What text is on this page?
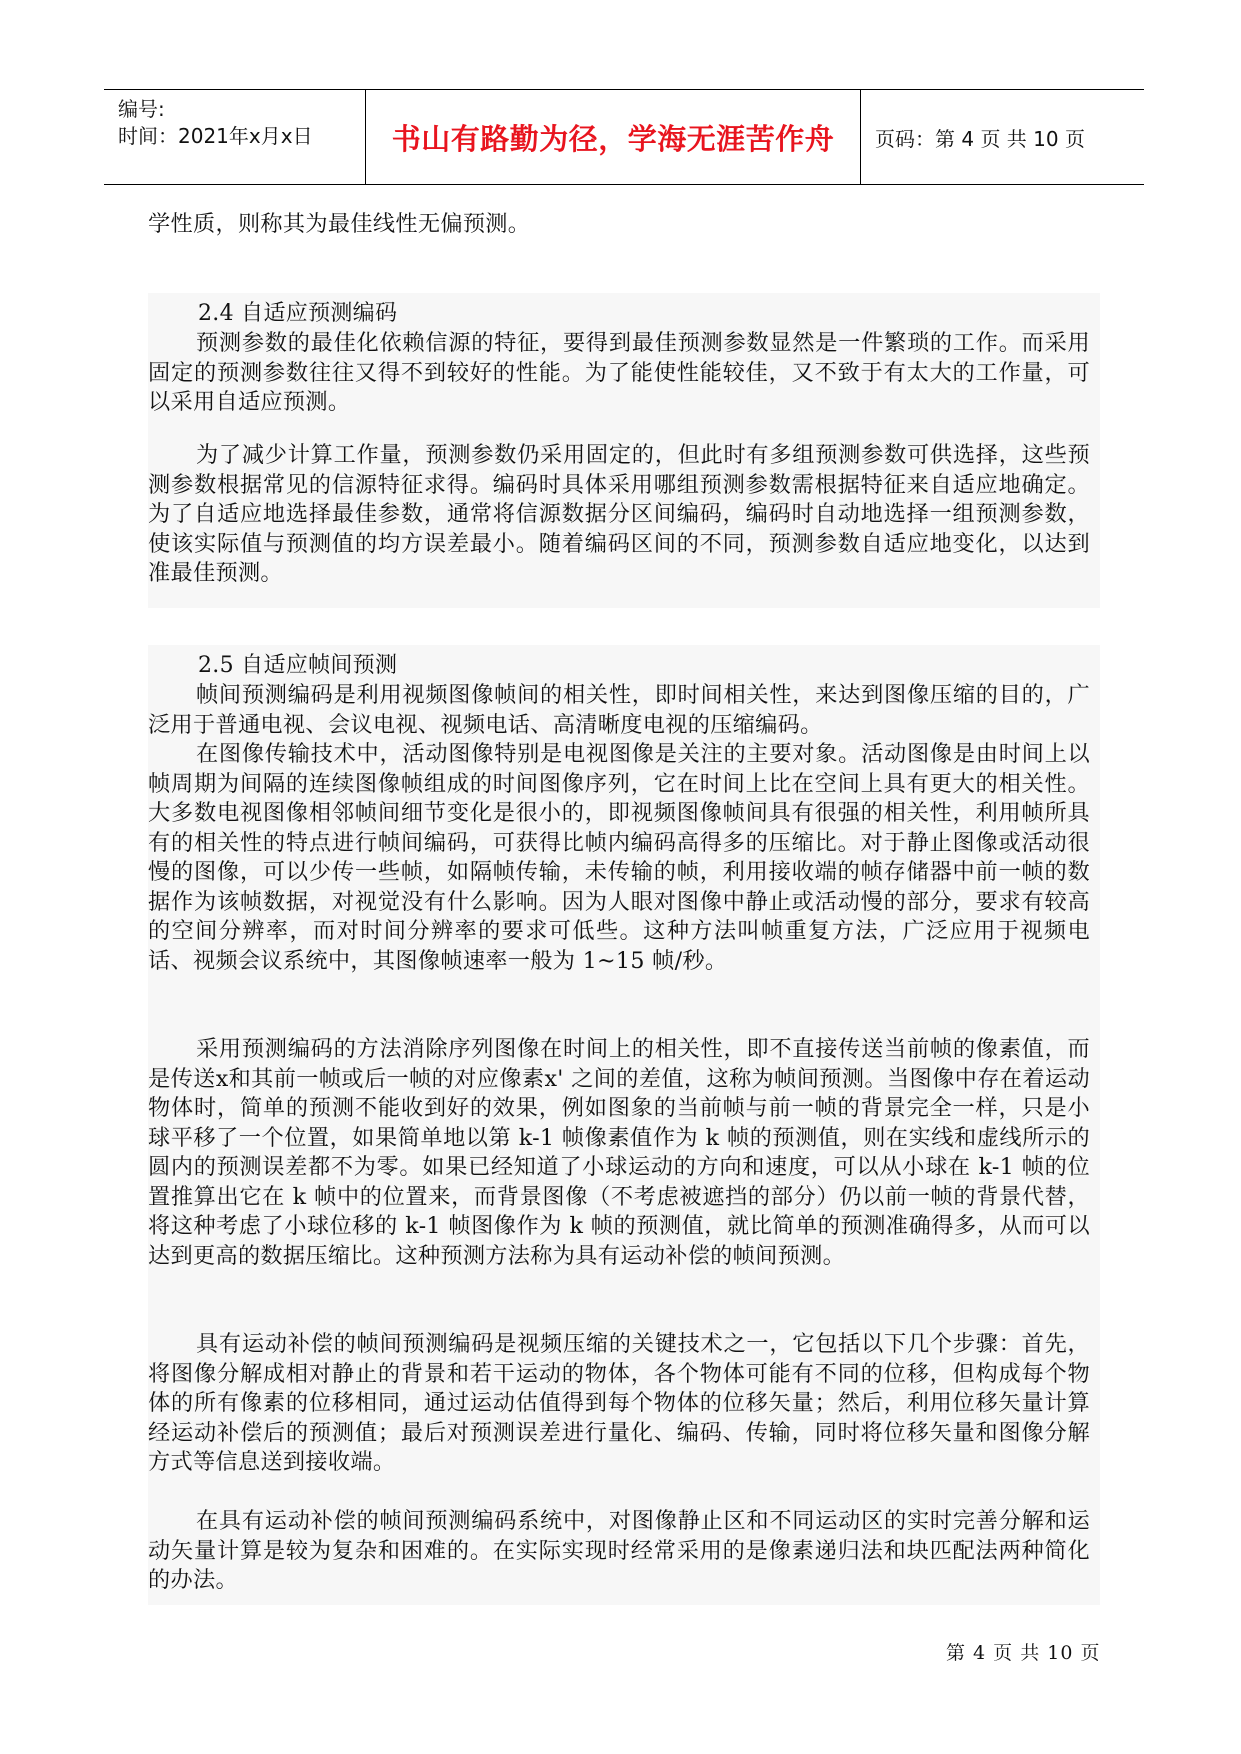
编号:
时间：2021年x月x日	书山有路勤为径，学海无涯苦作舟	页码：第 4 页 共 10 页
学性质，则称其为最佳线性无偏预测。
2.4 自适应预测编码
预测参数的最佳化依赖信源的特征，要得到最佳预测参数显然是一件繁琐的工作。而采用固定的预测参数往往又得不到较好的性能。为了能使性能较佳，又不致于有太大的工作量，可以采用自适应预测。
为了减少计算工作量，预测参数仍采用固定的，但此时有多组预测参数可供选择，这些预测参数根据常见的信源特征求得。编码时具体采用哪组预测参数需根据特征来自适应地确定。为了自适应地选择最佳参数，通常将信源数据分区间编码，编码时自动地选择一组预测参数，使该实际值与预测值的均方误差最小。随着编码区间的不同，预测参数自适应地变化，以达到准最佳预测。
2.5 自适应帧间预测
帧间预测编码是利用视频图像帧间的相关性，即时间相关性，来达到图像压缩的目的，广泛用于普通电视、会议电视、视频电话、高清晰度电视的压缩编码。
在图像传输技术中，活动图像特别是电视图像是关注的主要对象。活动图像是由时间上以帧周期为间隔的连续图像帧组成的时间图像序列，它在时间上比在空间上具有更大的相关性。大多数电视图像相邻帧间细节变化是很小的，即视频图像帧间具有很强的相关性，利用帧所具有的相关性的特点进行帧间编码，可获得比帧内编码高得多的压缩比。对于静止图像或活动很慢的图像，可以少传一些帧，如隔帧传输，未传输的帧，利用接收端的帧存储器中前一帧的数据作为该帧数据，对视觉没有什么影响。因为人眼对图像中静止或活动慢的部分，要求有较高的空间分辨率，而对时间分辨率的要求可低些。这种方法叫帧重复方法，广泛应用于视频电话、视频会议系统中，其图像帧速率一般为 1~15 帧/秒。
采用预测编码的方法消除序列图像在时间上的相关性，即不直接传送当前帧的像素值，而是传送x和其前一帧或后一帧的对应像素x' 之间的差值，这称为帧间预测。当图像中存在着运动物体时，简单的预测不能收到好的效果，例如图象的当前帧与前一帧的背景完全一样，只是小球平移了一个位置，如果简单地以第 k-1 帧像素值作为 k 帧的预测值，则在实线和虚线所示的圆内的预测误差都不为零。如果已经知道了小球运动的方向和速度，可以从小球在 k-1 帧的位置推算出它在 k 帧中的位置来，而背景图像（不考虑被遮挡的部分）仍以前一帧的背景代替，将这种考虑了小球位移的 k-1 帧图像作为 k 帧的预测值，就比简单的预测准确得多，从而可以达到更高的数据压缩比。这种预测方法称为具有运动补偿的帧间预测。
具有运动补偿的帧间预测编码是视频压缩的关键技术之一，它包括以下几个步骤：首先，将图像分解成相对静止的背景和若干运动的物体，各个物体可能有不同的位移，但构成每个物体的所有像素的位移相同，通过运动估值得到每个物体的位移矢量；然后，利用位移矢量计算经运动补偿后的预测值；最后对预测误差进行量化、编码、传输，同时将位移矢量和图像分解方式等信息送到接收端。
在具有运动补偿的帧间预测编码系统中，对图像静止区和不同运动区的实时完善分解和运动矢量计算是较为复杂和困难的。在实际实现时经常采用的是像素递归法和块匹配法两种简化的办法。
第 4 页 共 10 页
